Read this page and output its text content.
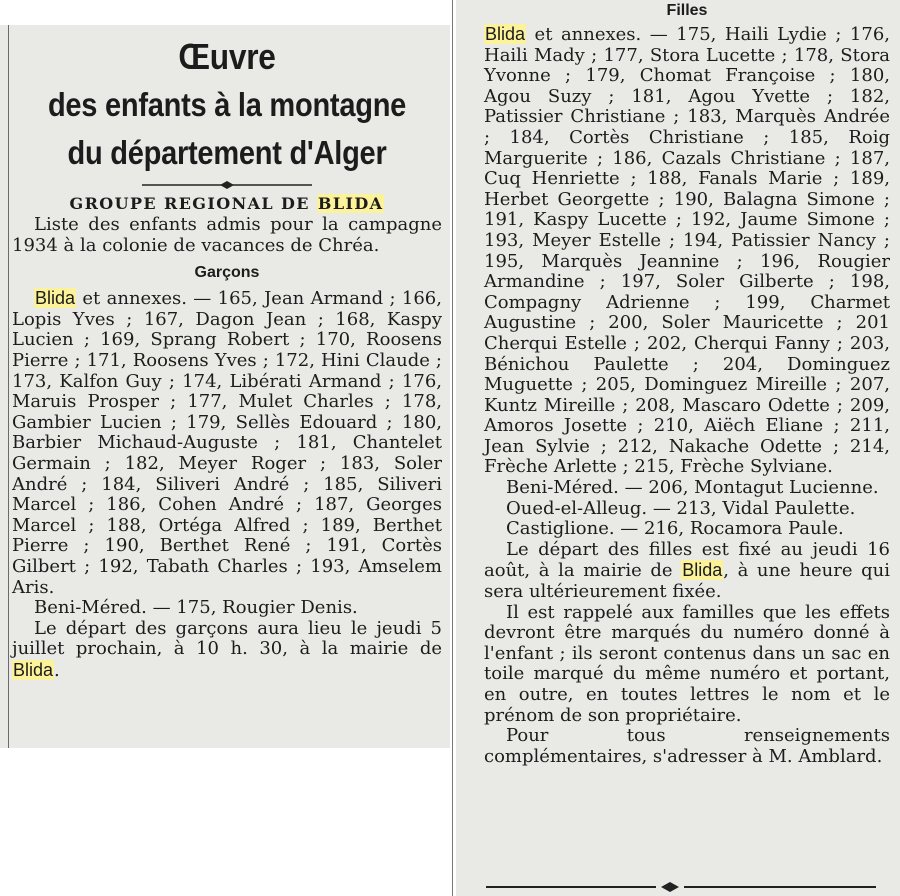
Œuvre
des enfants à la montagne
du département d'Alger
GROUPE REGIONAL DE BLIDA

Liste des enfants admis pour la campagne 1934 à la colonie de vacances de Chréa.

Garçons

Blida et annexes. — 165, Jean Armand ; 166, Lopis Yves ; 167, Dagon Jean ; 168, Kaspy Lucien ; 169, Sprang Robert ; 170, Roosens Pierre ; 171, Roosens Yves ; 172, Hini Claude ; 173, Kalfon Guy ; 174, Libérati Armand ; 176, Maruis Prosper ; 177, Mulet Charles ; 178, Gambier Lucien ; 179, Sellès Edouard ; 180, Barbier Michaud-Auguste ; 181, Chantelet Germain ; 182, Meyer Roger ; 183, Soler André ; 184, Siliveri André ; 185, Siliveri Marcel ; 186, Cohen André ; 187, Georges Marcel ; 188, Ortéga Alfred ; 189, Berthet Pierre ; 190, Berthet René ; 191, Cortès Gilbert ; 192, Tabath Charles ; 193, Amselem Aris.

Beni-Méred. — 175, Rougier Denis.

Le départ des garçons aura lieu le jeudi 5 juillet prochain, à 10 h. 30, à la mairie de Blida.

Filles

Blida et annexes. — 175, Haili Lydie ; 176, Haili Mady ; 177, Stora Lucette ; 178, Stora Yvonne ; 179, Chomat Françoise ; 180, Agou Suzy ; 181, Agou Yvette ; 182, Patissier Christiane ; 183, Marquès Andrée ; 184, Cortès Christiane ; 185, Roig Marguerite ; 186, Cazals Christiane ; 187, Cuq Henriette ; 188, Fanals Marie ; 189, Herbet Georgette ; 190, Balagna Simone ; 191, Kaspy Lucette ; 192, Jaume Simone ; 193, Meyer Estelle ; 194, Patissier Nancy ; 195, Marquès Jeannine ; 196, Rougier Armandine ; 197, Soler Gilberte ; 198, Compagny Adrienne ; 199, Charmet Augustine ; 200, Soler Mauricette ; 201 Cherqui Estelle ; 202, Cherqui Fanny ; 203, Bénichou Paulette ; 204, Dominguez Muguette ; 205, Dominguez Mireille ; 207, Kuntz Mireille ; 208, Mascaro Odette ; 209, Amoros Josette ; 210, Aiëch Eliane ; 211, Jean Sylvie ; 212, Nakache Odette ; 214, Frèche Arlette ; 215, Frèche Sylviane.

Beni-Méred. — 206, Montagut Lucienne.

Oued-el-Alleug. — 213, Vidal Paulette.

Castiglione. — 216, Rocamora Paule.

Le départ des filles est fixé au jeudi 16 août, à la mairie de Blida, à une heure qui sera ultérieurement fixée.

Il est rappelé aux familles que les effets devront être marqués du numéro donné à l'enfant ; ils seront contenus dans un sac en toile marqué du même numéro et portant, en outre, en toutes lettres le nom et le prénom de son propriétaire.

Pour tous renseignements complémentaires, s'adresser à M. Amblard.
